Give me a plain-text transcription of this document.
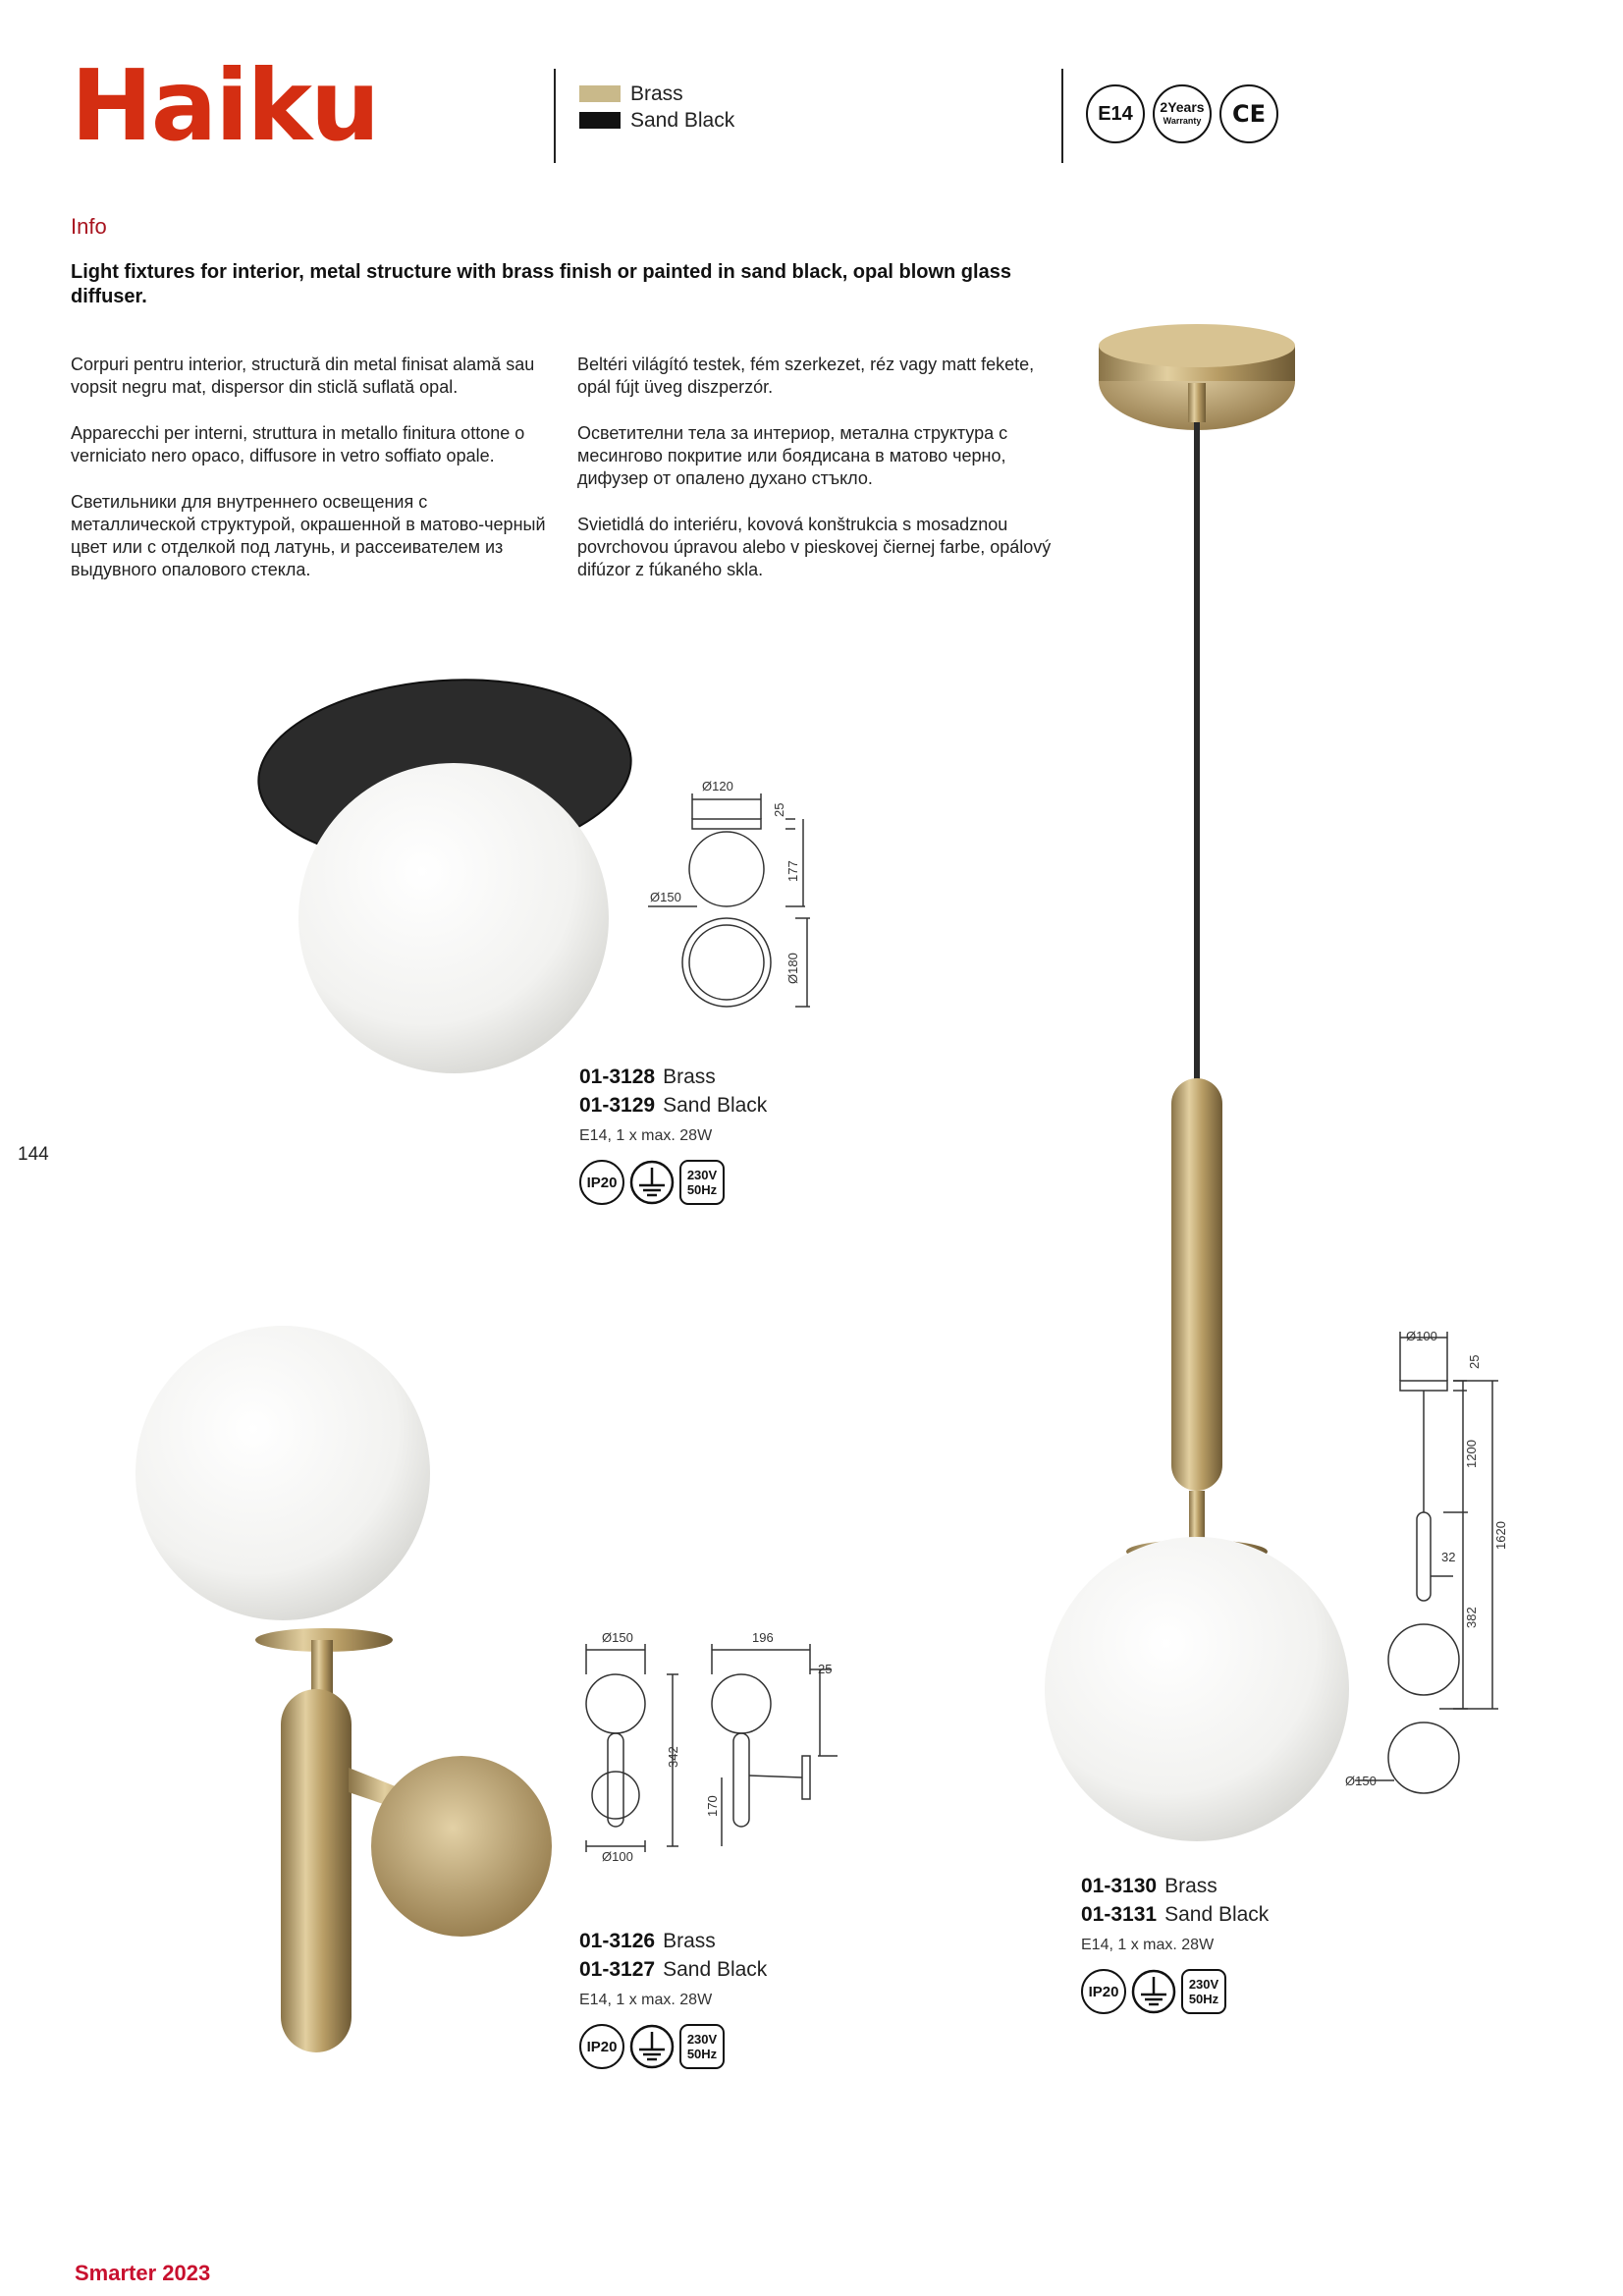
Haiku	Brass
Sand Black	E14	2Years
Warranty	CE
Info
Light fixtures for interior, metal structure with brass finish or painted in sand black, opal blown glass diffuser.

Corpuri pentru interior, structură din metal finisat alamă sau vopsit negru mat, dispersor din sticlă suflată opal.

Apparecchi per interni, struttura in metallo finitura ottone o verniciato nero opaco, diffusore in vetro soffiato opale.

Светильники для внутреннего освещения с металлической структурой, окрашенной в матово-черный цвет или с отделкой под латунь, и рассеивателем из выдувного опалового стекла.

Beltéri világító testek, fém szerkezet, réz vagy matt fekete, opál fújt üveg diszperzór.

Осветителни тела за интериор, метална структура с месингово покритие или боядисана в матово черно, дифузер от опалено духано стъкло.

Svietidlá do interiéru, kovová konštrukcia s mosadznou povrchovou úpravou alebo v pieskovej čiernej farbe, opálový difúzor z fúkaného skla.

Ø120
25
Ø150
177
Ø180
Ø150	196
25
342
170
Ø100
Ø100
25
1200
1620
32
382
Ø150
01-3128 Brass
01-3129 Sand Black
E14, 1 x max. 28W
IP20	230V
50Hz
01-3126 Brass
01-3127 Sand Black
E14, 1 x max. 28W
IP20	230V
50Hz
01-3130 Brass
01-3131 Sand Black
E14, 1 x max. 28W
IP20	230V
50Hz
144
Smarter 2023
